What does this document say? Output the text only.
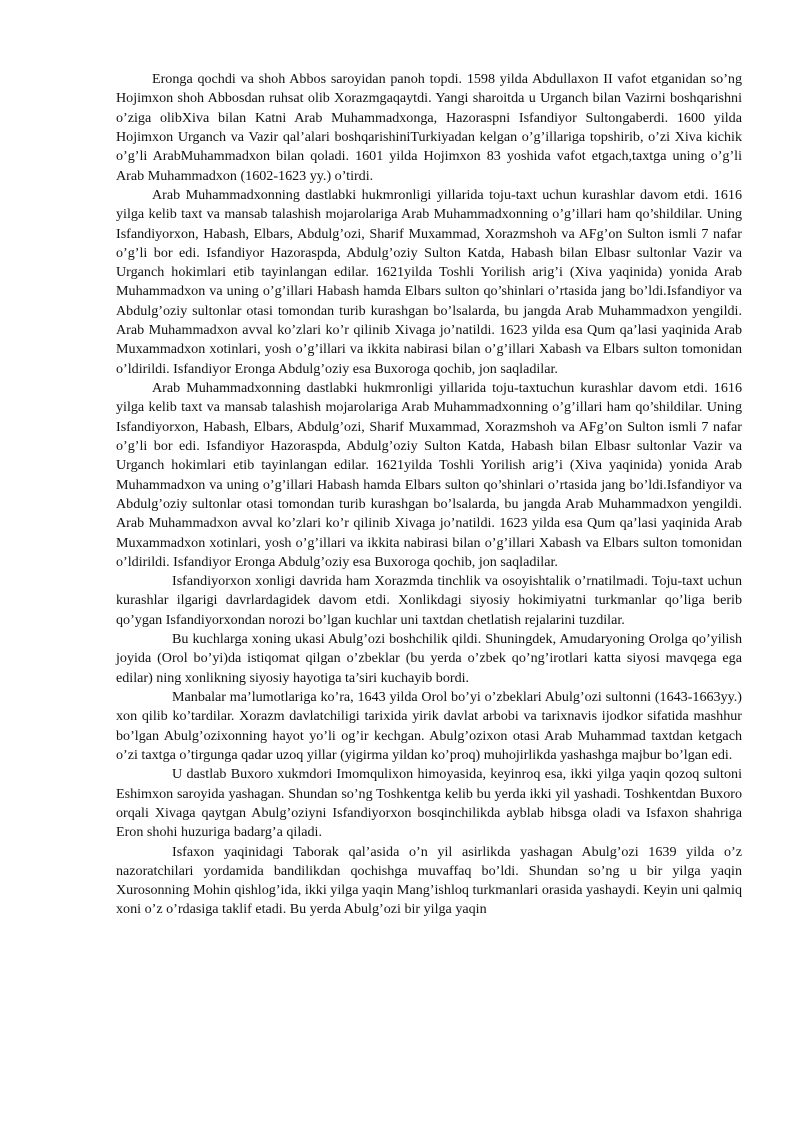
Eronga qochdi va shoh Abbos saroyidan panoh topdi. 1598 yilda Abdullaxon II vafot etganidan so’ng Hojimxon shoh Abbosdan ruhsat olib Xorazmgaqaytdi. Yangi sharoitda u Urganch bilan Vazirni boshqarishni o’ziga olibXiva bilan Katni Arab Muhammadxonga, Hazoraspni Isfandiyor Sultongaberdi. 1600 yilda Hojimxon Urganch va Vazir qal’alari boshqarishiniTurkiyadan kelgan o’g’illariga topshirib, o’zi Xiva kichik o’g’li ArabMuhammadxon bilan qoladi. 1601 yilda Hojimxon 83 yoshida vafot etgach,taxtga uning o’g’li Arab Muhammadxon (1602-1623 yy.) o’tirdi.

Arab Muhammadxonning dastlabki hukmronligi yillarida toju-taxt uchun kurashlar davom etdi. 1616 yilga kelib taxt va mansab talashish mojarolariga Arab Muhammadxonning o’g’illari ham qo’shildilar. Uning Isfandiyorxon, Habash, Elbars, Abdulg’ozi, Sharif Muxammad, Xorazmshoh va AFg’on Sulton ismli 7 nafar o’g’li bor edi. Isfandiyor Hazoraspda, Abdulg’oziy Sulton Katda, Habash bilan Elbasr sultonlar Vazir va Urganch hokimlari etib tayinlangan edilar. 1621yilda Toshli Yorilish arig’i (Xiva yaqinida) yonida Arab Muhammadxon va uning o’g’illari Habash hamda Elbars sulton qo’shinlari o’rtasida jang bo’ldi.Isfandiyor va Abdulg’oziy sultonlar otasi tomondan turib kurashgan bo’lsalarda, bu jangda Arab Muhammadxon yengildi. Arab Muhammadxon avval ko’zlari ko’r qilinib Xivaga jo’natildi. 1623 yilda esa Qum qa’lasi yaqinida Arab Muxammadxon xotinlari, yosh o’g’illari va ikkita nabirasi bilan o’g’illari Xabash va Elbars sulton tomonidan o’ldirildi. Isfandiyor Eronga Abdulg’oziy esa Buxoroga qochib, jon saqladilar.

Arab Muhammadxonning dastlabki hukmronligi yillarida toju-taxtuchun kurashlar davom etdi. 1616 yilga kelib taxt va mansab talashish mojarolariga Arab Muhammadxonning o’g’illari ham qo’shildilar. Uning Isfandiyorxon, Habash, Elbars, Abdulg’ozi, Sharif Muxammad, Xorazmshoh va AFg’on Sulton ismli 7 nafar o’g’li bor edi. Isfandiyor Hazoraspda, Abdulg’oziy Sulton Katda, Habash bilan Elbasr sultonlar Vazir va Urganch hokimlari etib tayinlangan edilar. 1621yilda Toshli Yorilish arig’i (Xiva yaqinida) yonida Arab Muhammadxon va uning o’g’illari Habash hamda Elbars sulton qo’shinlari o’rtasida jang bo’ldi.Isfandiyor va Abdulg’oziy sultonlar otasi tomondan turib kurashgan bo’lsalarda, bu jangda Arab Muhammadxon yengildi. Arab Muhammadxon avval ko’zlari ko’r qilinib Xivaga jo’natildi. 1623 yilda esa Qum qa’lasi yaqinida Arab Muxammadxon xotinlari, yosh o’g’illari va ikkita nabirasi bilan o’g’illari Xabash va Elbars sulton tomonidan o’ldirildi. Isfandiyor Eronga Abdulg’oziy esa Buxoroga qochib, jon saqladilar.

Isfandiyorxon xonligi davrida ham Xorazmda tinchlik va osoyishtalik o’rnatilmadi. Toju-taxt uchun kurashlar ilgarigi davrlardagidek davom etdi. Xonlikdagi siyosiy hokimiyatni turkmanlar qo’liga berib qo’ygan Isfandiyorxondan norozi bo’lgan kuchlar uni taxtdan chetlatish rejalarini tuzdilar.

Bu kuchlarga xoning ukasi Abulg’ozi boshchilik qildi. Shuningdek, Amudaryoning Orolga qo’yilish joyida (Orol bo’yi)da istiqomat qilgan o’zbeklar (bu yerda o’zbek qo’ng’irotlari katta siyosi mavqega ega edilar) ning xonlikning siyosiy hayotiga ta’siri kuchayib bordi.

Manbalar ma’lumotlariga ko’ra, 1643 yilda Orol bo’yi o’zbeklari Abulg’ozi sultonni (1643-1663yy.) xon qilib ko’tardilar. Xorazm davlatchiligi tarixida yirik davlat arbobi va tarixnavis ijodkor sifatida mashhur bo’lgan Abulg’ozixonning hayot yo’li og’ir kechgan. Abulg’ozixon otasi Arab Muhammad taxtdan ketgach o’zi taxtga o’tirgunga qadar uzoq yillar (yigirma yildan ko’proq) muhojirlikda yashashga majbur bo’lgan edi.

U dastlab Buxoro xukmdori Imomqulixon himoyasida, keyinroq esa, ikki yilga yaqin qozoq sultoni Eshimxon saroyida yashagan. Shundan so’ng Toshkentga kelib bu yerda ikki yil yashadi. Toshkentdan Buxoro orqali Xivaga qaytgan Abulg’oziyni Isfandiyorxon bosqinchilikda ayblab hibsga oladi va Isfaxon shahriga Eron shohi huzuriga badarg’a qiladi.

Isfaxon yaqinidagi Taborak qal’asida o’n yil asirlikda yashagan Abulg’ozi 1639 yilda o’z nazoratchilari yordamida bandilikdan qochishga muvaffaq bo’ldi. Shundan so’ng u bir yilga yaqin Xurosonning Mohin qishlog’ida, ikki yilga yaqin Mang’ishloq turkmanlari orasida yashaydi. Keyin uni qalmiq xoni o’z o’rdasiga taklif etadi. Bu yerda Abulg’ozi bir yilga yaqin
